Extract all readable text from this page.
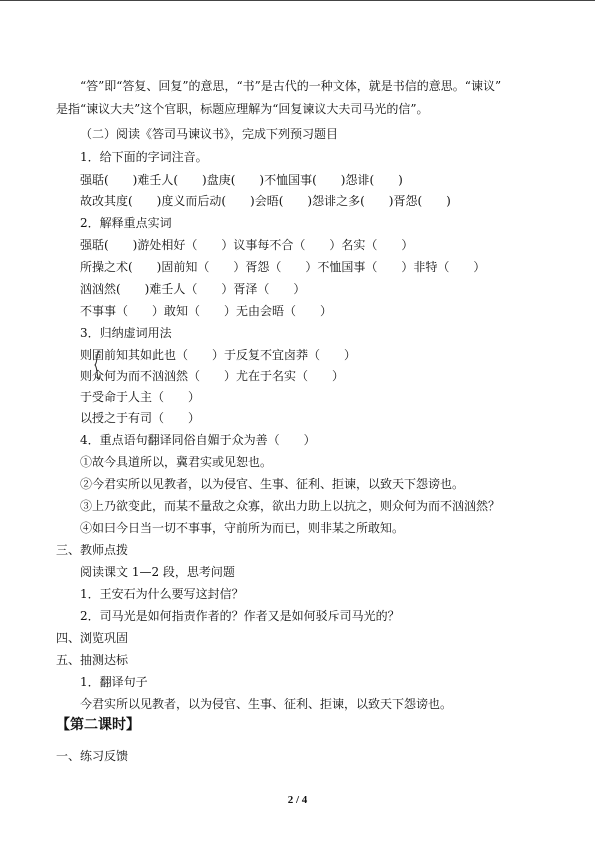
“答”即“答复、回复”的意思，“书”是古代的一种文体，就是书信的意思。“谏议”
是指“谏议大夫”这个官职，标题应理解为“回复谏议大夫司马光的信”。
（二）阅读《答司马谏议书》，完成下列预习题目
1．给下面的字词注音。
强聒(　　)难壬人(　　)盘庚(　　)不恤国事(　　)怨诽(　　)
故改其度(　　)度义而后动(　　)会晤(　　)怨诽之多(　　)胥怨(　　)
2．解释重点实词
强聒(　　)游处相好（　　）议事每不合（　　）名实（　　）
所操之术(　　)固前知（　　）胥怨（　　）不恤国事（　　）非特（　　）
汹汹然(　　)难壬人（　　）胥泽（　　）
不事事（　　）敢知（　　）无由会晤（　　）
3．归纳虚词用法
则固前知其如此也（　　）于反复不宜卤莽（　　）
则众何为而不汹汹然（　　）尤在于名实（　　）
于受命于人主（　　）
以授之于有司（　　）
4．重点语句翻译同俗自媚于众为善（　　）
①故今具道所以，冀君实或见恕也。
②今君实所以见教者，以为侵官、生事、征利、拒谏，以致天下怨谤也。
③上乃欲变此，而某不量敌之众寡，欲出力助上以抗之，则众何为而不汹汹然？
④如曰今日当一切不事事，守前所为而已，则非某之所敢知。
三、教师点拨
阅读课文 1—2 段，思考问题
1．王安石为什么要写这封信？
2．司马光是如何指责作者的？作者又是如何驳斥司马光的？
四、浏览巩固
五、抽测达标
1．翻译句子
今君实所以见教者，以为侵官、生事、征利、拒谏，以致天下怨谤也。
【第二课时】
一、练习反馈
2 / 4
